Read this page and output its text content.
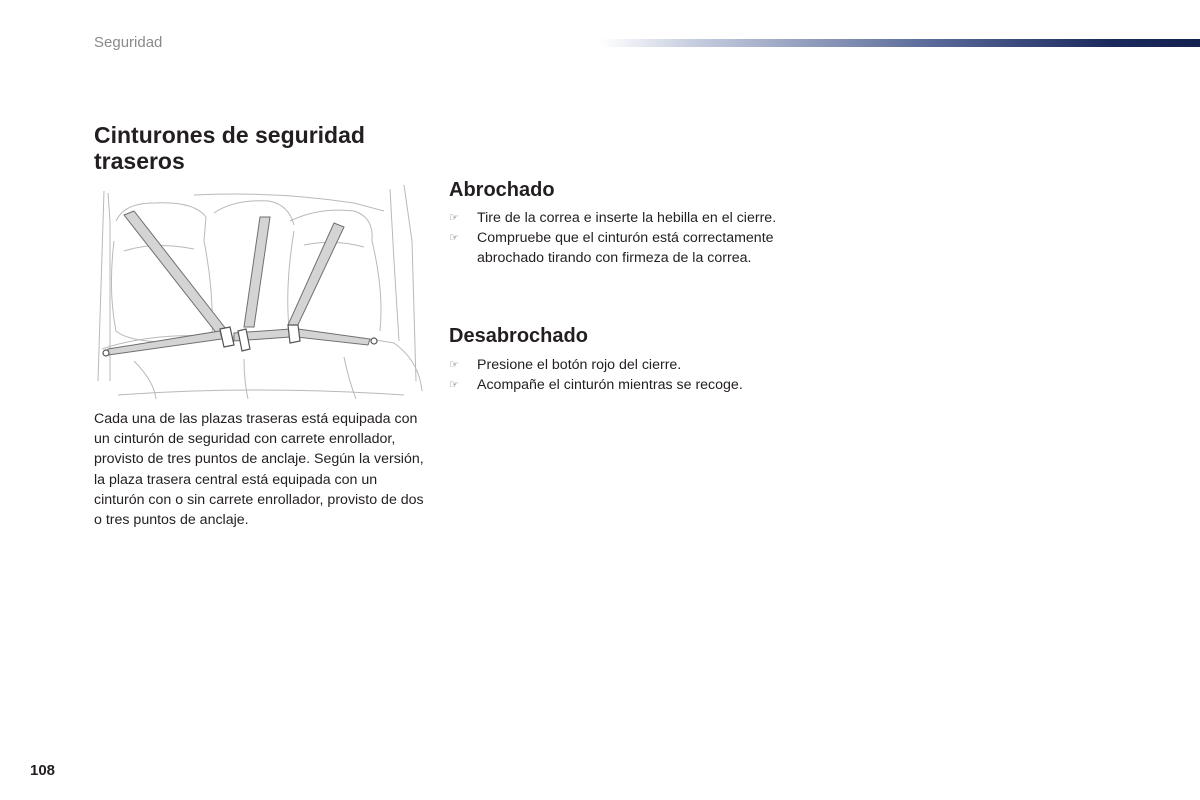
Seguridad
Cinturones de seguridad traseros

Cada una de las plazas traseras está equipada con un cinturón de seguridad con carrete enrollador, provisto de tres puntos de anclaje. Según la versión, la plaza trasera central está equipada con un cinturón con o sin carrete enrollador, provisto de dos o tres puntos de anclaje.

Abrochado
☞ Tire de la correa e inserte la hebilla en el cierre.
☞ Compruebe que el cinturón está correctamente abrochado tirando con firmeza de la correa.
Desabrochado
☞ Presione el botón rojo del cierre.
☞ Acompañe el cinturón mientras se recoge.
108
